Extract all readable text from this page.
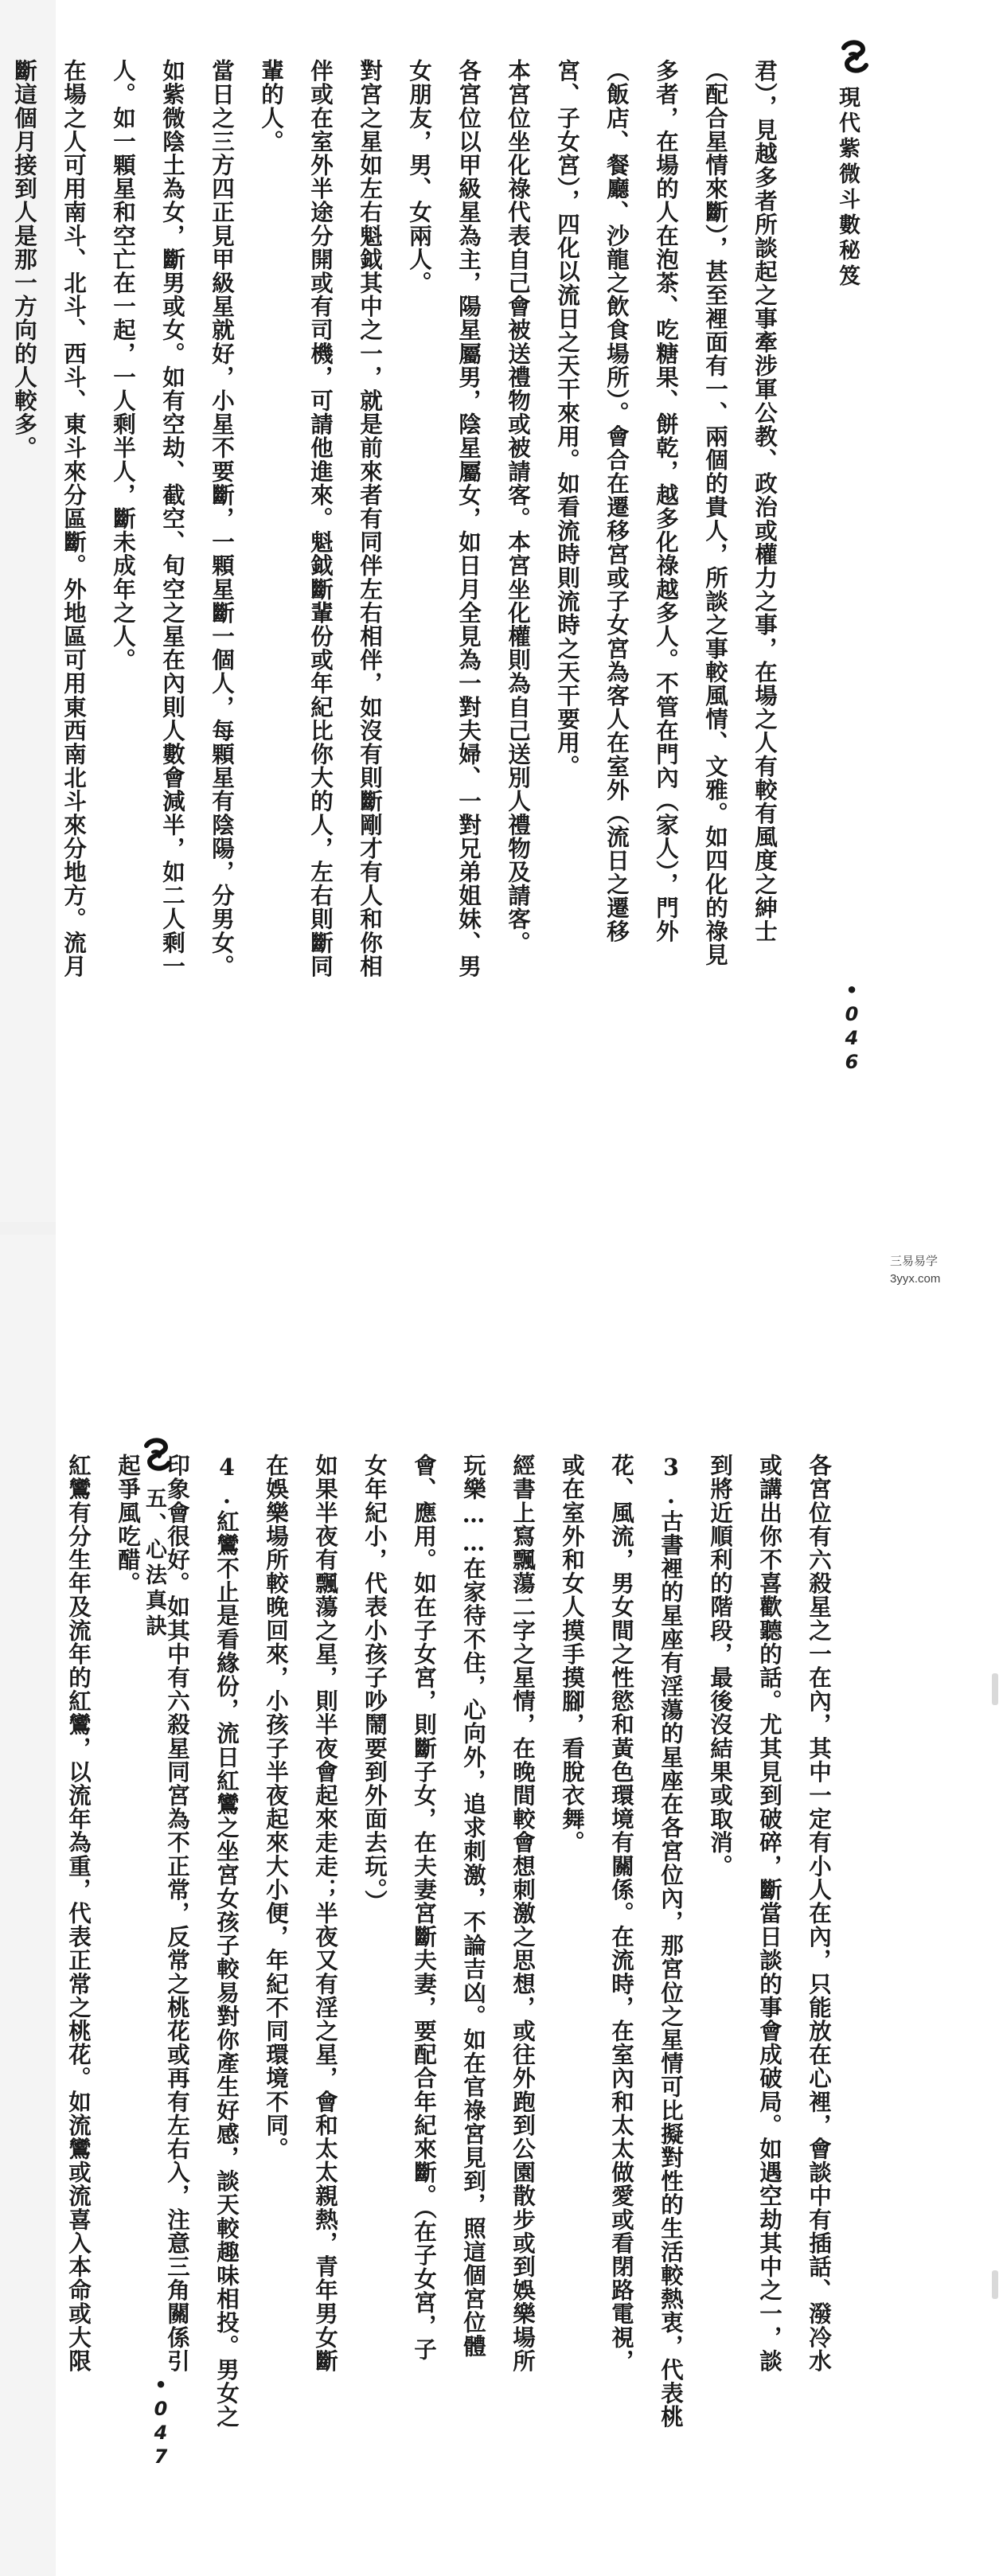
現代紫微斗數秘笈
君），見越多者所談起之事牽涉軍公教、政治或權力之事，在場之人有較有風度之紳士
（配合星情來斷），甚至裡面有一、兩個的貴人，所談之事較風情、文雅。如四化的祿見
多者，在場的人在泡茶、吃糖果、餅乾，越多化祿越多人。不管在門內（家人），門外
（飯店、餐廳、沙龍之飲食場所）。會合在遷移宮或子女宮為客人在室外（流日之遷移
宮、子女宮），四化以流日之天干來用。如看流時則流時之天干要用。
本宮位坐化祿代表自己會被送禮物或被請客。本宮坐化權則為自己送別人禮物及請客。
各宮位以甲級星為主，陽星屬男，陰星屬女，如日月全見為一對夫婦、一對兄弟姐妹、男
女朋友，男、女兩人。
對宮之星如左右魁鉞其中之一，就是前來者有同伴左右相伴，如沒有則斷剛才有人和你相
伴或在室外半途分開或有司機，可請他進來。魁鉞斷輩份或年紀比你大的人，左右則斷同
輩的人。
當日之三方四正見甲級星就好，小星不要斷，一顆星斷一個人，每顆星有陰陽，分男女。
如紫微陰土為女，斷男或女。如有空劫、截空、旬空之星在內則人數會減半，如二人剩一
人。如一顆星和空亡在一起，一人剩半人，斷未成年之人。
在場之人可用南斗、北斗、西斗、東斗來分區斷。外地區可用東西南北斗來分地方。流月
斷這個月接到人是那一方向的人較多。
•046
三易易学
3yyx.com
五、心法真訣	各宮位有六殺星之一在內，其中一定有小人在內，只能放在心裡，會談中有插話、潑冷水
或講出你不喜歡聽的話。尤其見到破碎，斷當日談的事會成破局。如遇空劫其中之一，談
到將近順利的階段，最後沒結果或取消。
3.古書裡的星座有淫蕩的星座在各宮位內，那宮位之星情可比擬對性的生活較熱衷，代表桃
花、風流，男女間之性慾和黃色環境有關係。在流時，在室內和太太做愛或看閉路電視，
或在室外和女人摸手摸腳，看脫衣舞。
經書上寫飄蕩二字之星情，在晚間較會想刺激之思想，或往外跑到公園散步或到娛樂場所
玩樂……在家待不住，心向外，追求刺激，不論吉凶。如在官祿宮見到，照這個宮位體
會、應用。如在子女宮，則斷子女，在夫妻宮斷夫妻，要配合年紀來斷。（在子女宮，子
女年紀小，代表小孩子吵鬧要到外面去玩。）
如果半夜有飄蕩之星，則半夜會起來走走；半夜又有淫之星，會和太太親熱，青年男女斷
在娛樂場所較晚回來，小孩子半夜起來大小便，年紀不同環境不同。
4.紅鸞不止是看緣份，流日紅鸞之坐宮女孩子較易對你產生好感，談天較趣味相投。男女之
印象會很好。如其中有六殺星同宮為不正常，反常之桃花或再有左右入，注意三角關係引
起爭風吃醋。
紅鸞有分生年及流年的紅鸞，以流年為重，代表正常之桃花。如流鸞或流喜入本命或大限
•047
